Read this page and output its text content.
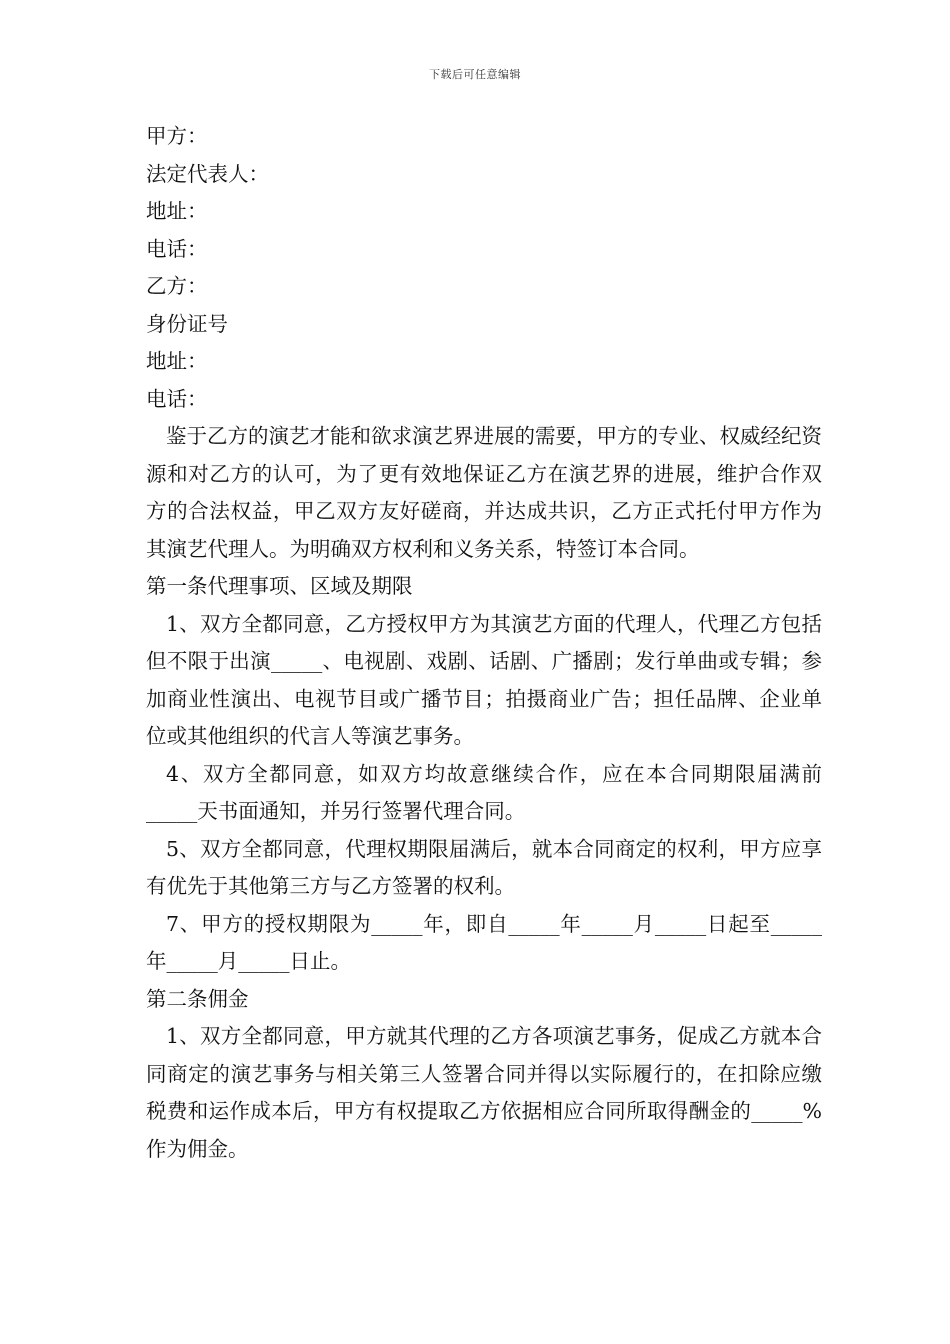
下载后可任意编辑

甲方：

法定代表人：

地址：

电话：

乙方：

身份证号

地址：

电话：

鉴于乙方的演艺才能和欲求演艺界进展的需要，甲方的专业、权威经纪资源和对乙方的认可，为了更有效地保证乙方在演艺界的进展，维护合作双方的合法权益，甲乙双方友好磋商，并达成共识，乙方正式托付甲方作为其演艺代理人。为明确双方权利和义务关系，特签订本合同。

第一条代理事项、区域及期限

1、双方全都同意，乙方授权甲方为其演艺方面的代理人，代理乙方包括但不限于出演_____、电视剧、戏剧、话剧、广播剧；发行单曲或专辑；参加商业性演出、电视节目或广播节目；拍摄商业广告；担任品牌、企业单位或其他组织的代言人等演艺事务。

4、双方全都同意，如双方均故意继续合作，应在本合同期限届满前_____天书面通知，并另行签署代理合同。

5、双方全都同意，代理权期限届满后，就本合同商定的权利，甲方应享有优先于其他第三方与乙方签署的权利。

7、甲方的授权期限为_____年，即自_____年_____月_____日起至_____年_____月_____日止。

第二条佣金

1、双方全都同意，甲方就其代理的乙方各项演艺事务，促成乙方就本合同商定的演艺事务与相关第三人签署合同并得以实际履行的，在扣除应缴税费和运作成本后，甲方有权提取乙方依据相应合同所取得酬金的_____%作为佣金。
